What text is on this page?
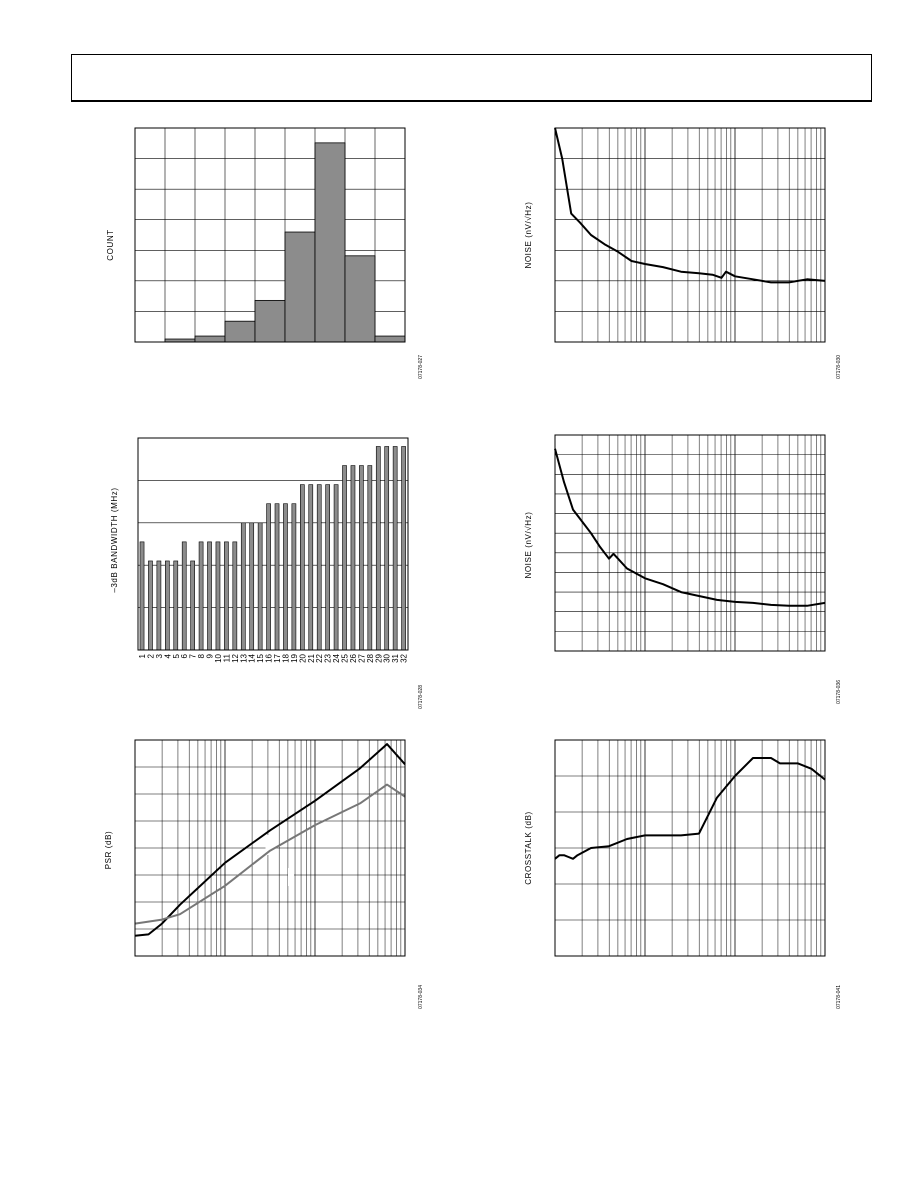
COUNT
07178-027
NOISE (nV/√Hz)
07178-030
–3dB BANDWIDTH (MHz)
07178-028
1 2 3 4 5 6 7 8 9 10 11 12 13 14 15 16 17 18 19 20 21 22 23 24 25 26 27 28 29 30 31 32
NOISE (nV/√Hz)
07178-036
PSR (dB)
07178-034
CROSSTALK (dB)
07178-041
